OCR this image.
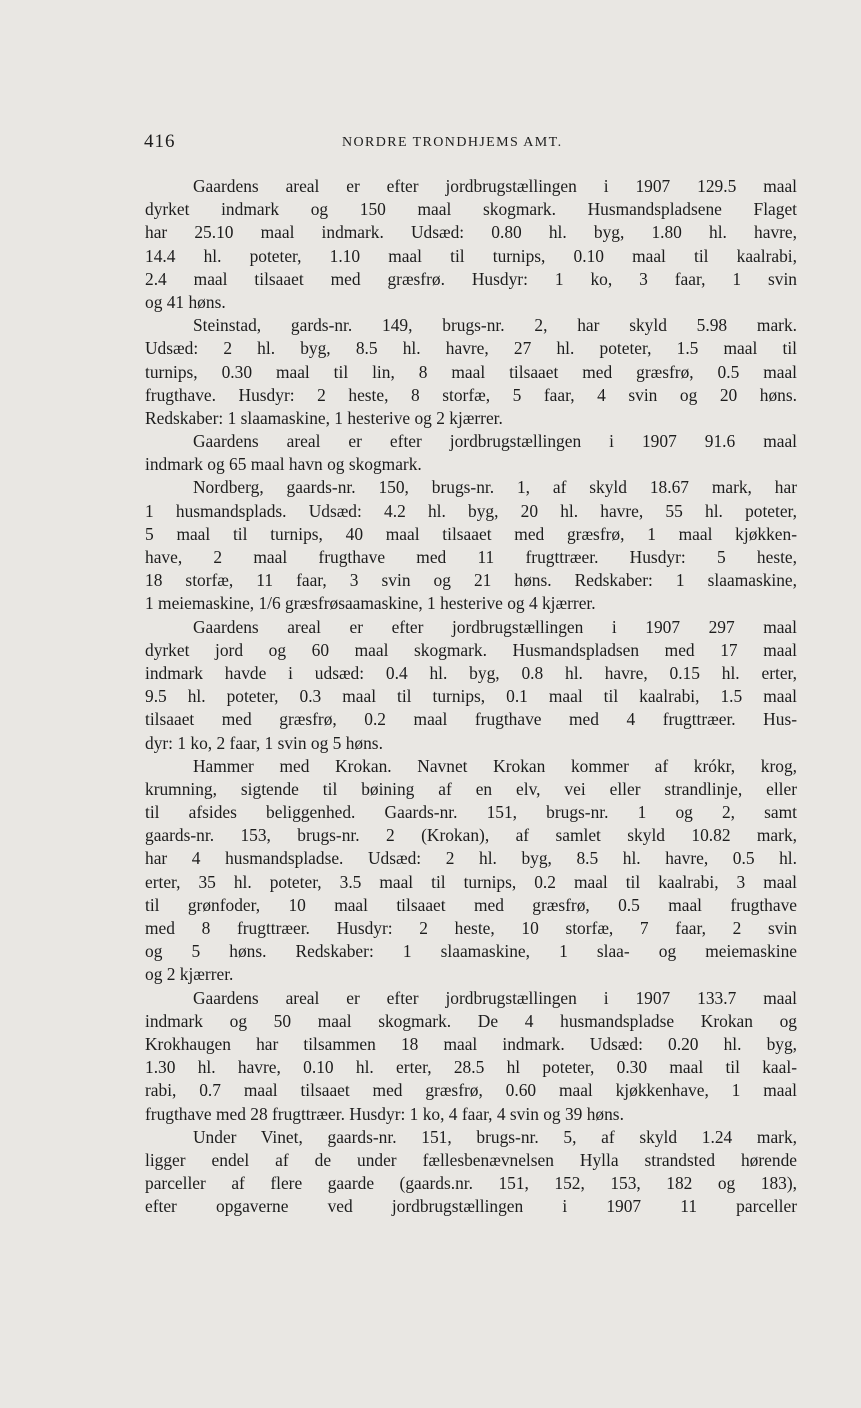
416	NORDRE TRONDHJEMS AMT.
Gaardens areal er efter jordbrugstællingen i 1907 129.5 maal
dyrket indmark og 150 maal skogmark. Husmandspladsene Flaget
har 25.10 maal indmark. Udsæd: 0.80 hl. byg, 1.80 hl. havre,
14.4 hl. poteter, 1.10 maal til turnips, 0.10 maal til kaalrabi,
2.4 maal tilsaaet med græsfrø. Husdyr: 1 ko, 3 faar, 1 svin
og 41 høns.
Steinstad, gards-nr. 149, brugs-nr. 2, har skyld 5.98 mark.
Udsæd: 2 hl. byg, 8.5 hl. havre, 27 hl. poteter, 1.5 maal til
turnips, 0.30 maal til lin, 8 maal tilsaaet med græsfrø, 0.5 maal
frugthave. Husdyr: 2 heste, 8 storfæ, 5 faar, 4 svin og 20 høns.
Redskaber: 1 slaamaskine, 1 hesterive og 2 kjærrer.
Gaardens areal er efter jordbrugstællingen i 1907 91.6 maal
indmark og 65 maal havn og skogmark.
Nordberg, gaards-nr. 150, brugs-nr. 1, af skyld 18.67 mark, har
1 husmandsplads. Udsæd: 4.2 hl. byg, 20 hl. havre, 55 hl. poteter,
5 maal til turnips, 40 maal tilsaaet med græsfrø, 1 maal kjøkken-
have, 2 maal frugthave med 11 frugttræer. Husdyr: 5 heste,
18 storfæ, 11 faar, 3 svin og 21 høns. Redskaber: 1 slaamaskine,
1 meiemaskine, 1/6 græsfrøsaamaskine, 1 hesterive og 4 kjærrer.
Gaardens areal er efter jordbrugstællingen i 1907 297 maal
dyrket jord og 60 maal skogmark. Husmandspladsen med 17 maal
indmark havde i udsæd: 0.4 hl. byg, 0.8 hl. havre, 0.15 hl. erter,
9.5 hl. poteter, 0.3 maal til turnips, 0.1 maal til kaalrabi, 1.5 maal
tilsaaet med græsfrø, 0.2 maal frugthave med 4 frugttræer. Hus-
dyr: 1 ko, 2 faar, 1 svin og 5 høns.
Hammer med Krokan. Navnet Krokan kommer af krókr, krog,
krumning, sigtende til bøining af en elv, vei eller strandlinje, eller
til afsides beliggenhed. Gaards-nr. 151, brugs-nr. 1 og 2, samt
gaards-nr. 153, brugs-nr. 2 (Krokan), af samlet skyld 10.82 mark,
har 4 husmandspladse. Udsæd: 2 hl. byg, 8.5 hl. havre, 0.5 hl.
erter, 35 hl. poteter, 3.5 maal til turnips, 0.2 maal til kaalrabi, 3 maal
til grønfoder, 10 maal tilsaaet med græsfrø, 0.5 maal frugthave
med 8 frugttræer. Husdyr: 2 heste, 10 storfæ, 7 faar, 2 svin
og 5 høns. Redskaber: 1 slaamaskine, 1 slaa- og meiemaskine
og 2 kjærrer.
Gaardens areal er efter jordbrugstællingen i 1907 133.7 maal
indmark og 50 maal skogmark. De 4 husmandspladse Krokan og
Krokhaugen har tilsammen 18 maal indmark. Udsæd: 0.20 hl. byg,
1.30 hl. havre, 0.10 hl. erter, 28.5 hl poteter, 0.30 maal til kaal-
rabi, 0.7 maal tilsaaet med græsfrø, 0.60 maal kjøkkenhave, 1 maal
frugthave med 28 frugttræer. Husdyr: 1 ko, 4 faar, 4 svin og 39 høns.
Under Vinet, gaards-nr. 151, brugs-nr. 5, af skyld 1.24 mark,
ligger endel af de under fællesbenævnelsen Hylla strandsted hørende
parceller af flere gaarde (gaards.nr. 151, 152, 153, 182 og 183),
efter opgaverne ved jordbrugstællingen i 1907 11 parceller
